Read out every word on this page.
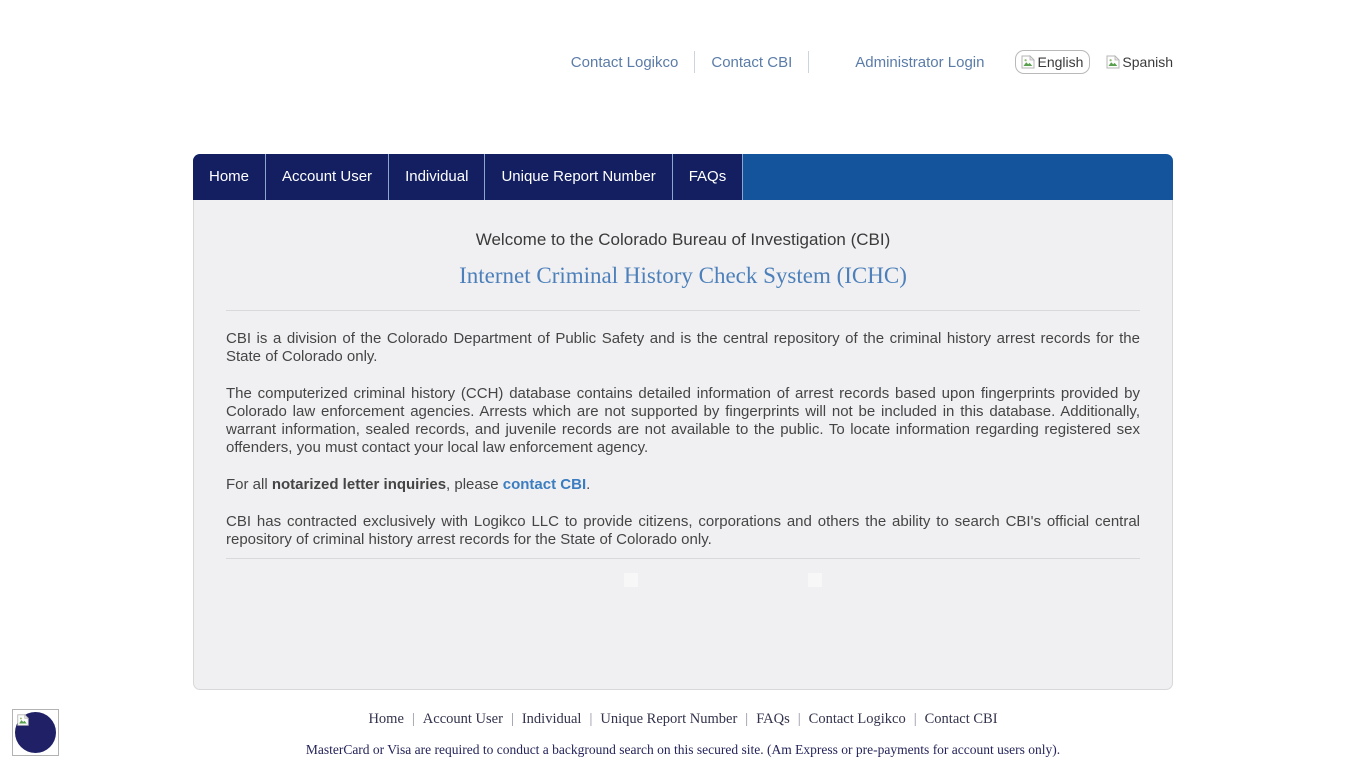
Contact Logikco Contact CBI	Administrator Login	English	Spanish
Home	Account User	Individual	Unique Report Number	FAQs
Welcome to the Colorado Bureau of Investigation (CBI)
Internet Criminal History Check System (ICHC)

CBI is a division of the Colorado Department of Public Safety and is the central repository of the criminal history arrest records for the State of Colorado only.

The computerized criminal history (CCH) database contains detailed information of arrest records based upon fingerprints provided by Colorado law enforcement agencies. Arrests which are not supported by fingerprints will not be included in this database. Additionally, warrant information, sealed records, and juvenile records are not available to the public. To locate information regarding registered sex offenders, you must contact your local law enforcement agency.

For all notarized letter inquiries, please contact CBI.

CBI has contracted exclusively with Logikco LLC to provide citizens, corporations and others the ability to search CBI's official central repository of criminal history arrest records for the State of Colorado only.

Home | Account User | Individual | Unique Report Number | FAQs | Contact Logikco | Contact CBI
MasterCard or Visa are required to conduct a background search on this secured site. (Am Express or pre-payments for account users only).
